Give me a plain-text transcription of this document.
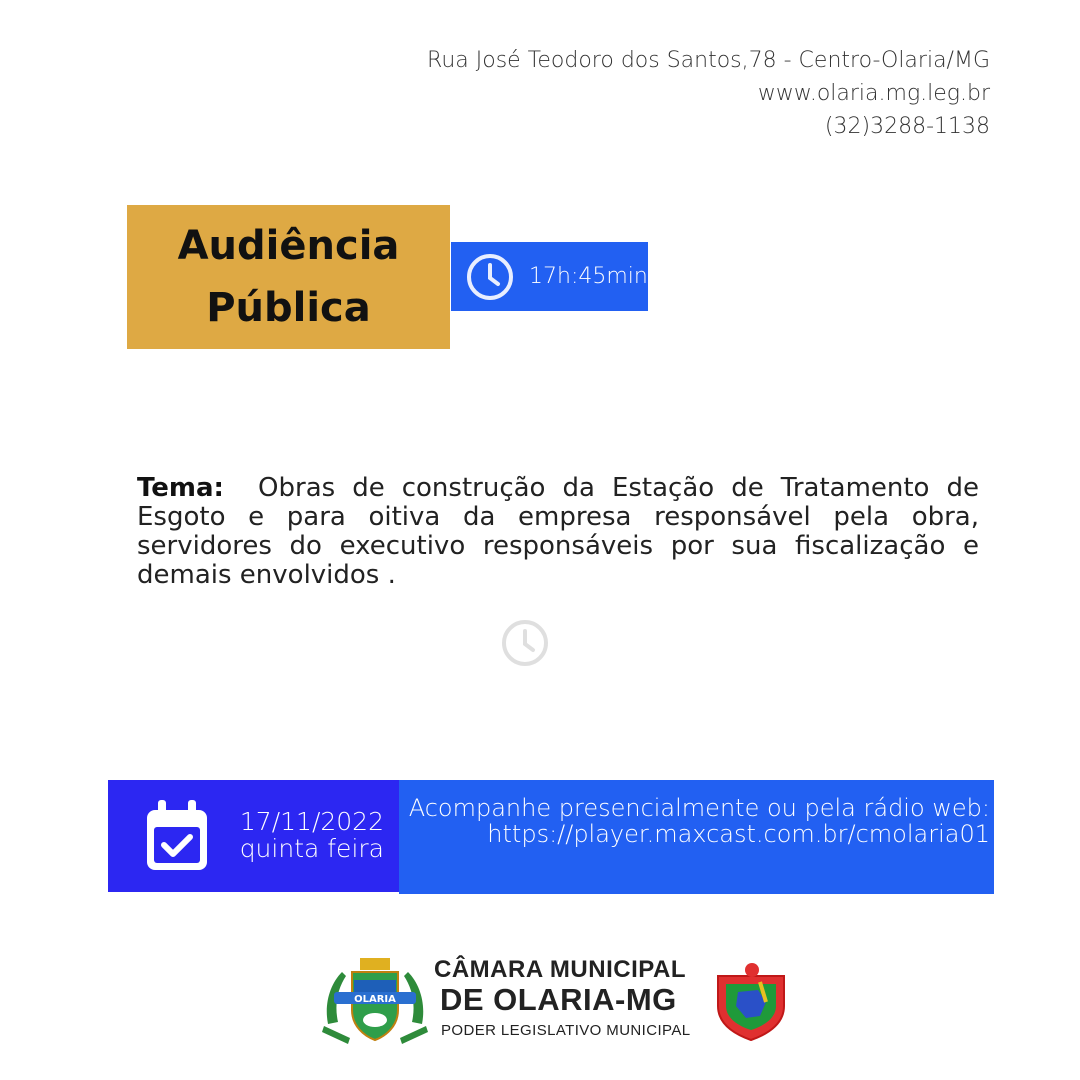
Rua José Teodoro dos Santos,78 - Centro-Olaria/MG
www.olaria.mg.leg.br
(32)3288-1138
Audiência
Pública
17h:45min
Tema: Obras de construção da Estação de Tratamento de Esgoto e para oitiva da empresa responsável pela obra, servidores do executivo responsáveis por sua fiscalização e demais envolvidos .
17/11/2022
quinta feira
Acompanhe presencialmente ou pela rádio web:
https://player.maxcast.com.br/cmolaria01
OLARIA
CÂMARA MUNICIPAL
DE OLARIA-MG
PODER LEGISLATIVO MUNICIPAL
